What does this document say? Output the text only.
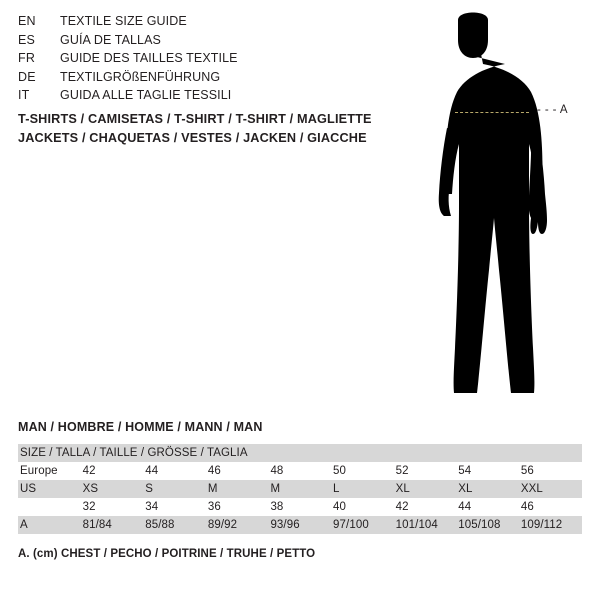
EN	TEXTILE SIZE GUIDE
ES	GUÍA DE TALLAS
FR	GUIDE DES TAILLES TEXTILE
DE	TEXTILGRÖßENFÜHRUNG
IT	GUIDA ALLE TAGLIE TESSILI
T-SHIRTS / CAMISETAS / T-SHIRT / T-SHIRT / MAGLIETTE
JACKETS / CHAQUETAS / VESTES / JACKEN / GIACCHE
- - - A
MAN / HOMBRE / HOMME / MANN / MAN
SIZE / TALLA / TAILLE / GRÖSSE / TAGLIA								
Europe	42	44	46	48	50	52	54	56
US	XS	S	M	M	L	XL	XL	XXL
	32	34	36	38	40	42	44	46
A	81/84	85/88	89/92	93/96	97/100	101/104	105/108	109/112
A. (cm) CHEST / PECHO / POITRINE / TRUHE / PETTO
